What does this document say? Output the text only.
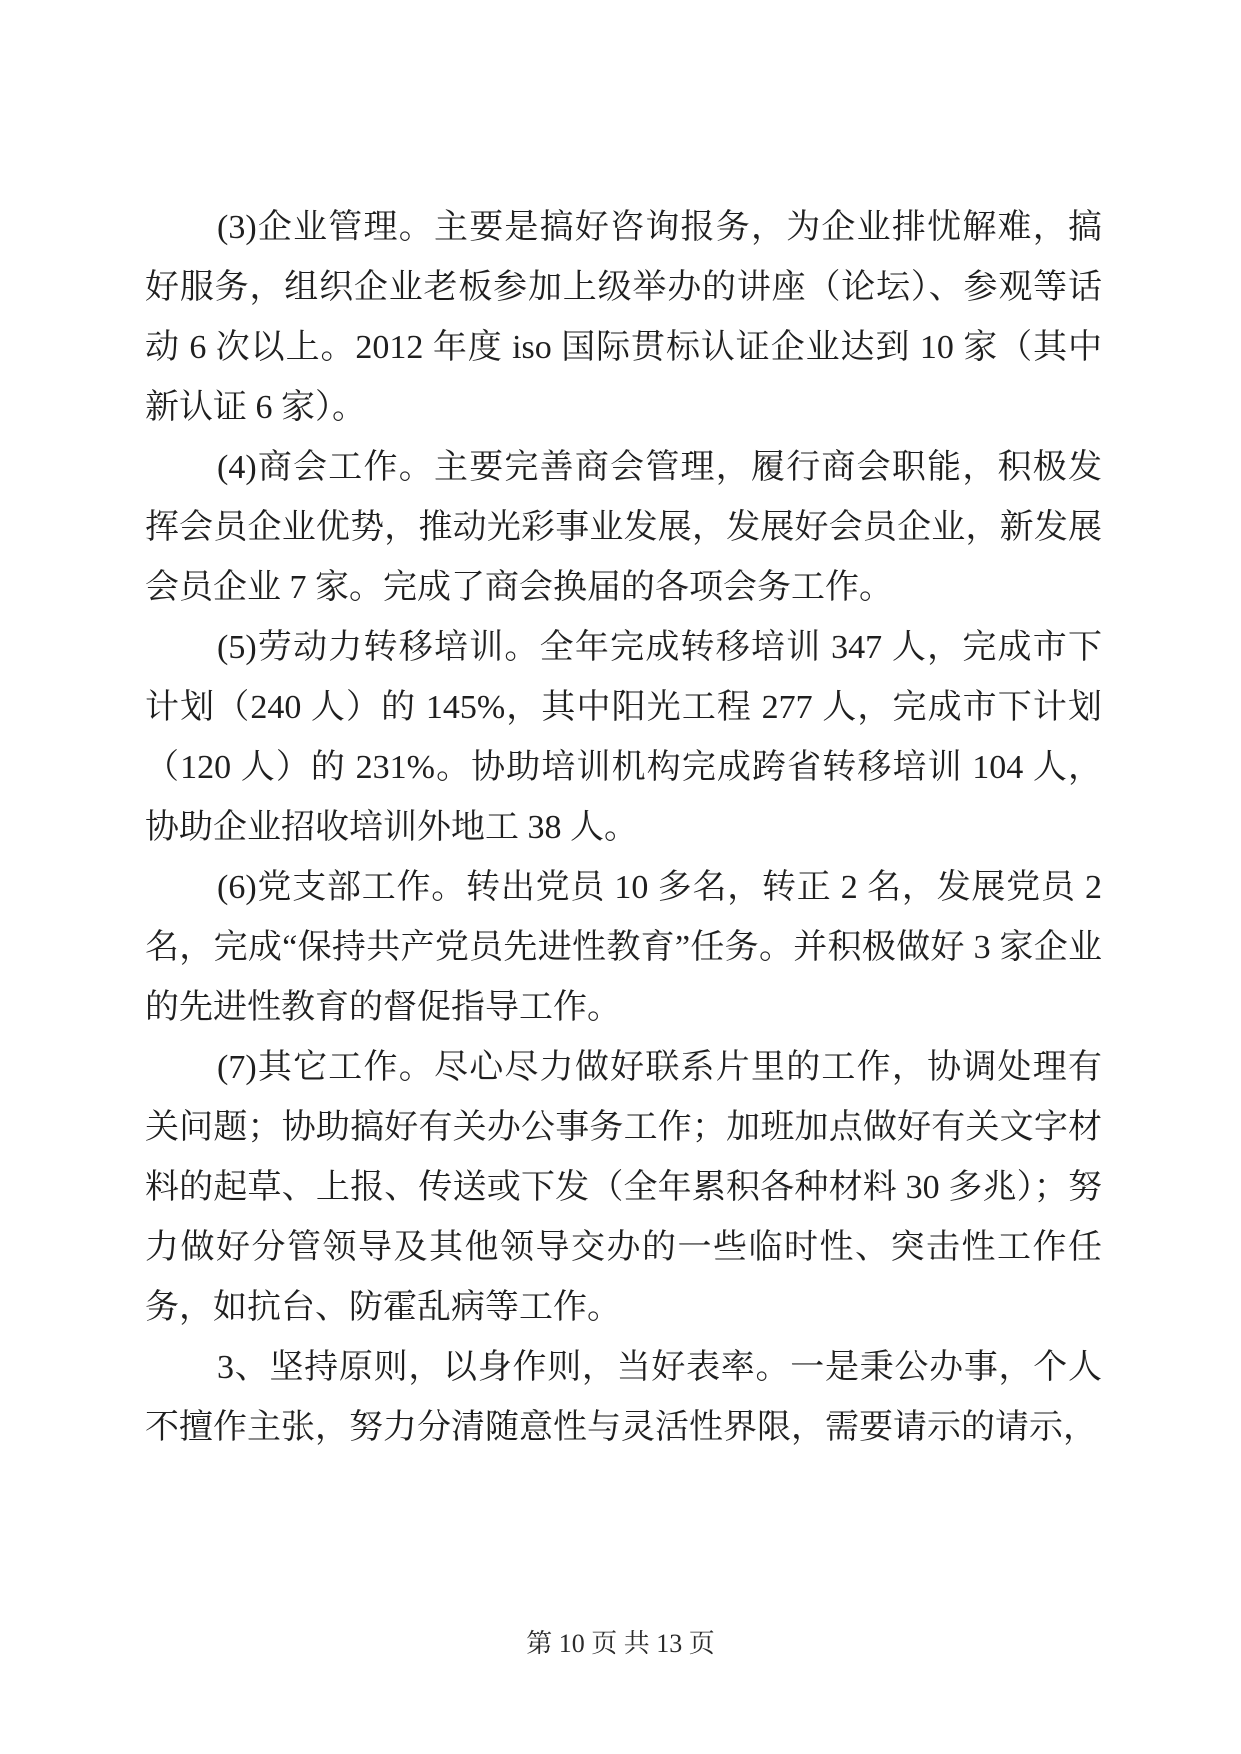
(3)企业管理。主要是搞好咨询报务，为企业排忧解难，搞好服务，组织企业老板参加上级举办的讲座（论坛）、参观等话动 6 次以上。2012 年度 iso 国际贯标认证企业达到 10 家（其中新认证 6 家）。

(4)商会工作。主要完善商会管理，履行商会职能，积极发挥会员企业优势，推动光彩事业发展，发展好会员企业，新发展会员企业 7 家。完成了商会换届的各项会务工作。

(5)劳动力转移培训。全年完成转移培训 347 人，完成市下计划（240 人）的 145%，其中阳光工程 277 人，完成市下计划（120 人）的 231%。协助培训机构完成跨省转移培训 104 人，协助企业招收培训外地工 38 人。

(6)党支部工作。转出党员 10 多名，转正 2 名，发展党员 2 名，完成“保持共产党员先进性教育”任务。并积极做好 3 家企业的先进性教育的督促指导工作。

(7)其它工作。尽心尽力做好联系片里的工作，协调处理有关问题；协助搞好有关办公事务工作；加班加点做好有关文字材料的起草、上报、传送或下发（全年累积各种材料 30 多兆）；努力做好分管领导及其他领导交办的一些临时性、突击性工作任务，如抗台、防霍乱病等工作。

3、坚持原则，以身作则，当好表率。一是秉公办事，个人不擅作主张，努力分清随意性与灵活性界限，需要请示的请示，

第 10 页 共 13 页
